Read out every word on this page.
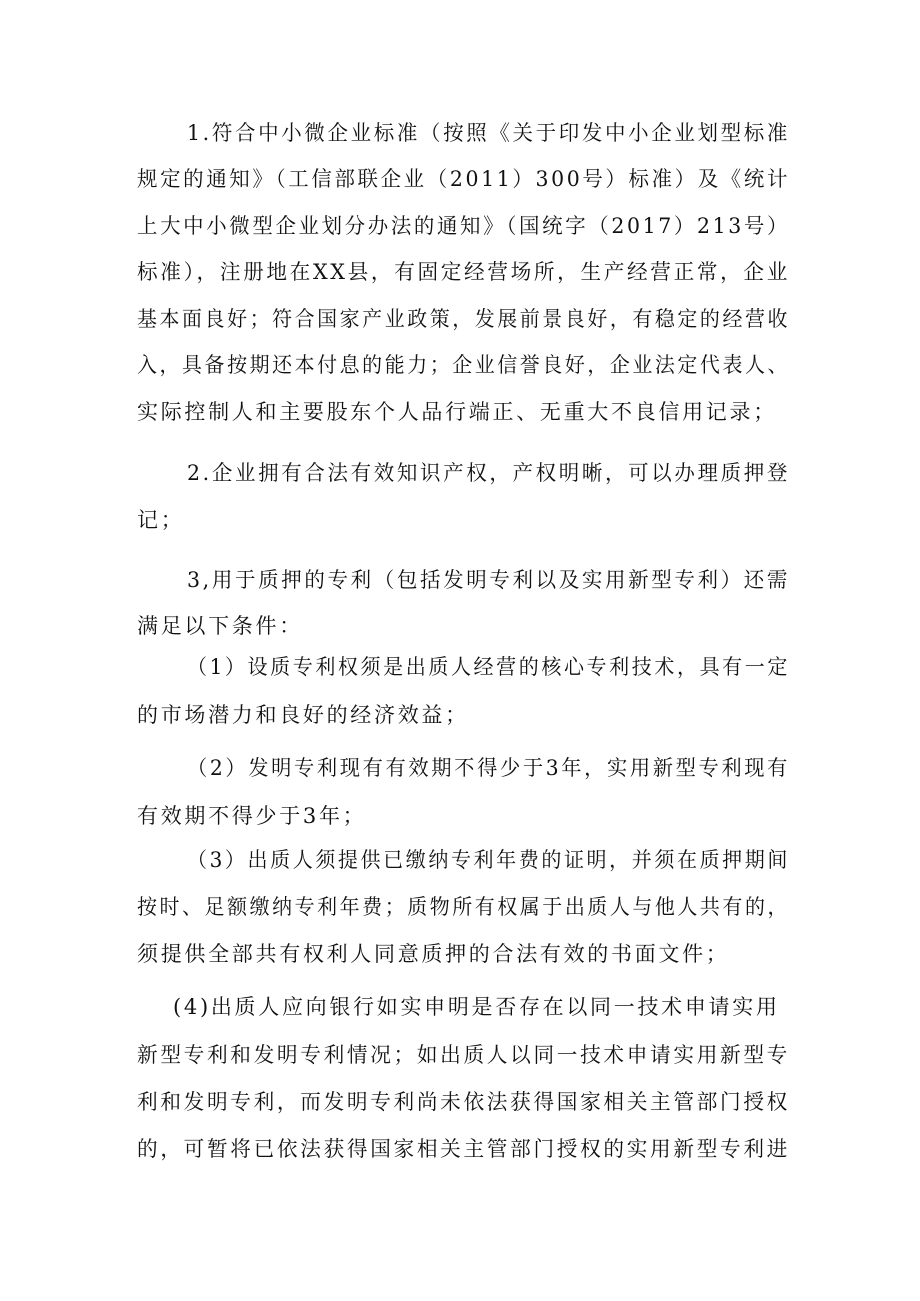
1.符合中小微企业标准（按照《关于印发中小企业划型标准
规定的通知》（工信部联企业（2011）300号）标准）及《统计
上大中小微型企业划分办法的通知》（国统字（2017）213号）
标准），注册地在XX县，有固定经营场所，生产经营正常，企业
基本面良好；符合国家产业政策，发展前景良好，有稳定的经营收
入，具备按期还本付息的能力；企业信誉良好，企业法定代表人、
实际控制人和主要股东个人品行端正、无重大不良信用记录；
2.企业拥有合法有效知识产权，产权明晰，可以办理质押登
记；
3,用于质押的专利（包括发明专利以及实用新型专利）还需
满足以下条件：
（1）设质专利权须是出质人经营的核心专利技术，具有一定
的市场潜力和良好的经济效益；
（2）发明专利现有有效期不得少于3年，实用新型专利现有
有效期不得少于3年；
（3）出质人须提供已缴纳专利年费的证明，并须在质押期间
按时、足额缴纳专利年费；质物所有权属于出质人与他人共有的，
须提供全部共有权利人同意质押的合法有效的书面文件；
(4)出质人应向银行如实申明是否存在以同一技术申请实用
新型专利和发明专利情况；如出质人以同一技术申请实用新型专
利和发明专利，而发明专利尚未依法获得国家相关主管部门授权
的，可暂将已依法获得国家相关主管部门授权的实用新型专利进
